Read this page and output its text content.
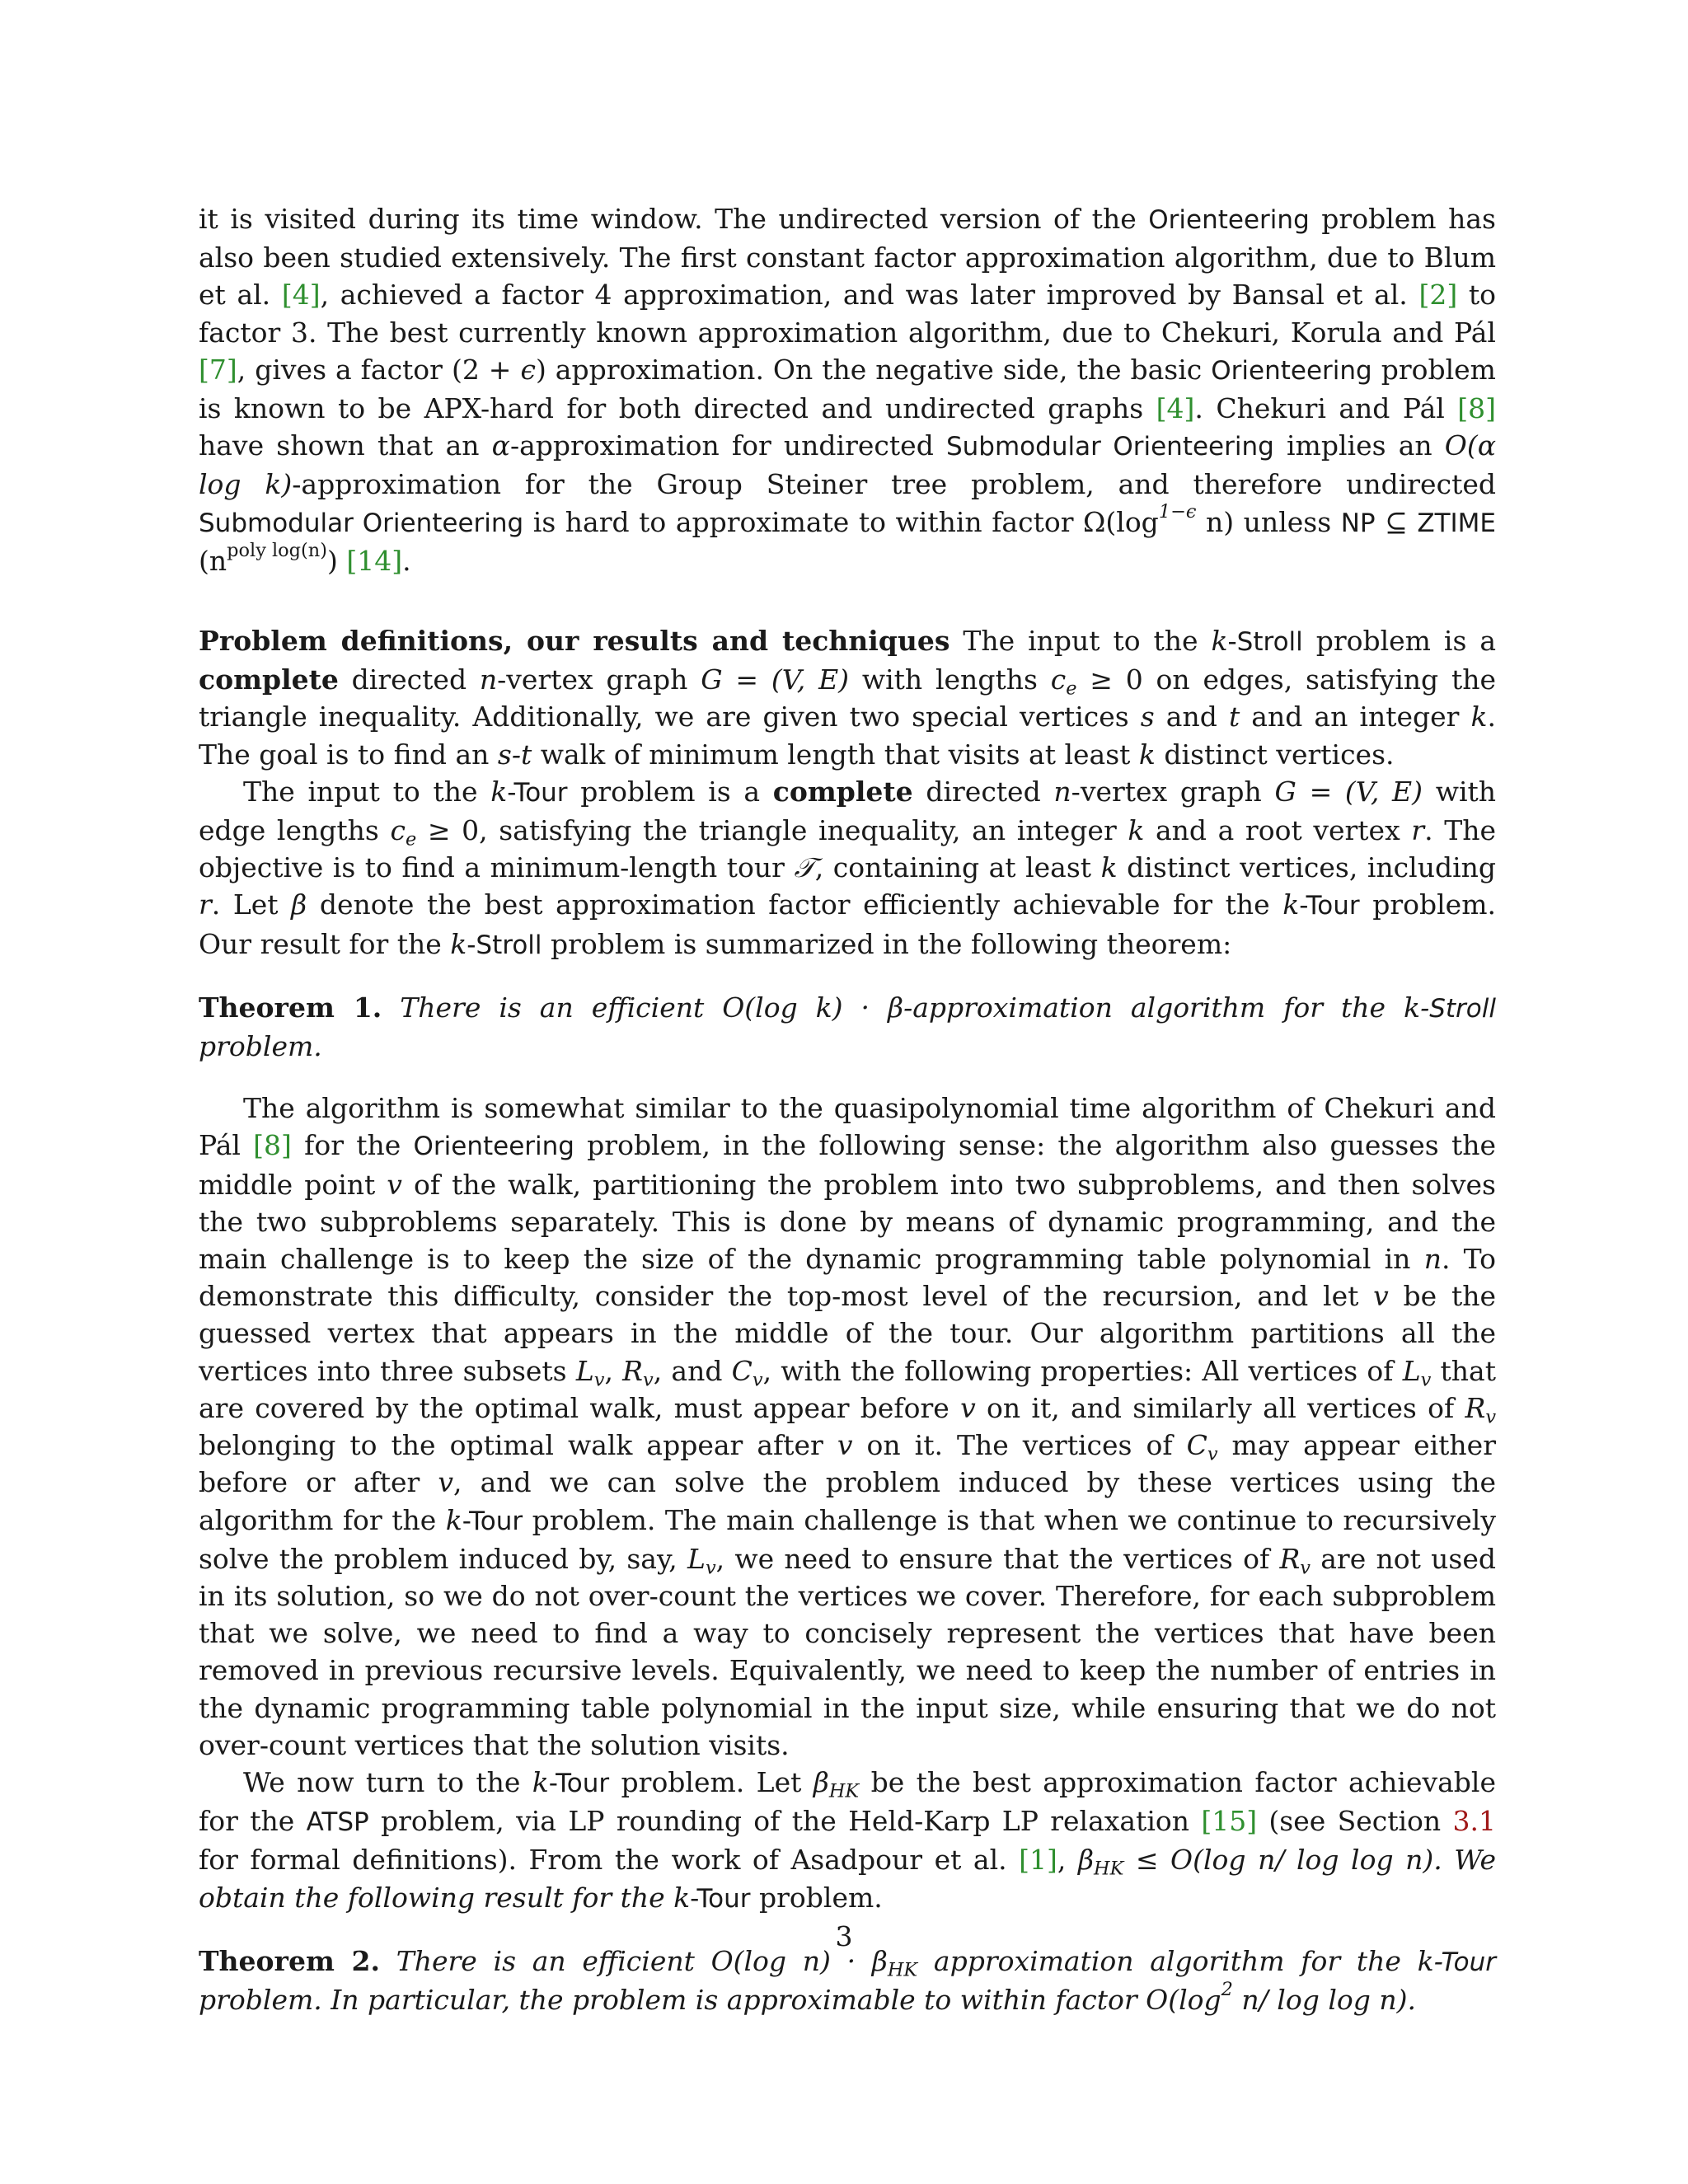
it is visited during its time window. The undirected version of the Orienteering problem has also been studied extensively. The first constant factor approximation algorithm, due to Blum et al. [4], achieved a factor 4 approximation, and was later improved by Bansal et al. [2] to factor 3. The best currently known approximation algorithm, due to Chekuri, Korula and Pál [7], gives a factor (2 + ϵ) approximation. On the negative side, the basic Orienteering problem is known to be APX-hard for both directed and undirected graphs [4]. Chekuri and Pál [8] have shown that an α-approximation for undirected Submodular Orienteering implies an O(α log k)-approximation for the Group Steiner tree problem, and therefore undirected Submodular Orienteering is hard to approximate to within factor $\Omega(\log^{1-\epsilon}$ n) unless NP ⊆ ZTIME $(n^{poly log(n)})$ [14].

Problem definitions, our results and techniques The input to the k-Stroll problem is a complete directed n-vertex graph G = (V, E) with lengths $c_e \ge 0$ on edges, satisfying the triangle inequality. Additionally, we are given two special vertices s and t and an integer k. The goal is to find an s-t walk of minimum length that visits at least k distinct vertices.

The input to the k-Tour problem is a complete directed n-vertex graph G = (V, E) with edge lengths $c_e \ge 0$, satisfying the triangle inequality, an integer k and a root vertex r. The objective is to find a minimum-length tour 𝒯, containing at least k distinct vertices, including r. Let β denote the best approximation factor efficiently achievable for the k-Tour problem. Our result for the k-Stroll problem is summarized in the following theorem:

Theorem 1. There is an efficient O(log k) · β-approximation algorithm for the k-Stroll problem.

The algorithm is somewhat similar to the quasipolynomial time algorithm of Chekuri and Pál [8] for the Orienteering problem, in the following sense: the algorithm also guesses the middle point v of the walk, partitioning the problem into two subproblems, and then solves the two subproblems separately. This is done by means of dynamic programming, and the main challenge is to keep the size of the dynamic programming table polynomial in n. To demonstrate this difficulty, consider the top-most level of the recursion, and let v be the guessed vertex that appears in the middle of the tour. Our algorithm partitions all the vertices into three subsets $L_v$, $R_v$, and $C_v$, with the following properties: All vertices of $L_v$ that are covered by the optimal walk, must appear before v on it, and similarly all vertices of $R_v$ belonging to the optimal walk appear after v on it. The vertices of $C_v$ may appear either before or after v, and we can solve the problem induced by these vertices using the algorithm for the k-Tour problem. The main challenge is that when we continue to recursively solve the problem induced by, say, $L_v$, we need to ensure that the vertices of $R_v$ are not used in its solution, so we do not over-count the vertices we cover. Therefore, for each subproblem that we solve, we need to find a way to concisely represent the vertices that have been removed in previous recursive levels. Equivalently, we need to keep the number of entries in the dynamic programming table polynomial in the input size, while ensuring that we do not over-count vertices that the solution visits.

We now turn to the k-Tour problem. Let $\beta_{HK}$ be the best approximation factor achievable for the ATSP problem, via LP rounding of the Held-Karp LP relaxation [15] (see Section 3.1 for formal definitions). From the work of Asadpour et al. [1], $\beta_{HK} \le O(\log$ n/ log log n). We obtain the following result for the k-Tour problem.

Theorem 2. There is an efficient O(log $n) \cdot \beta_{HK}$ approximation algorithm for the k-Tour problem. In particular, the problem is approximable to within factor $O(\log^2$ n/ log log n).

3
